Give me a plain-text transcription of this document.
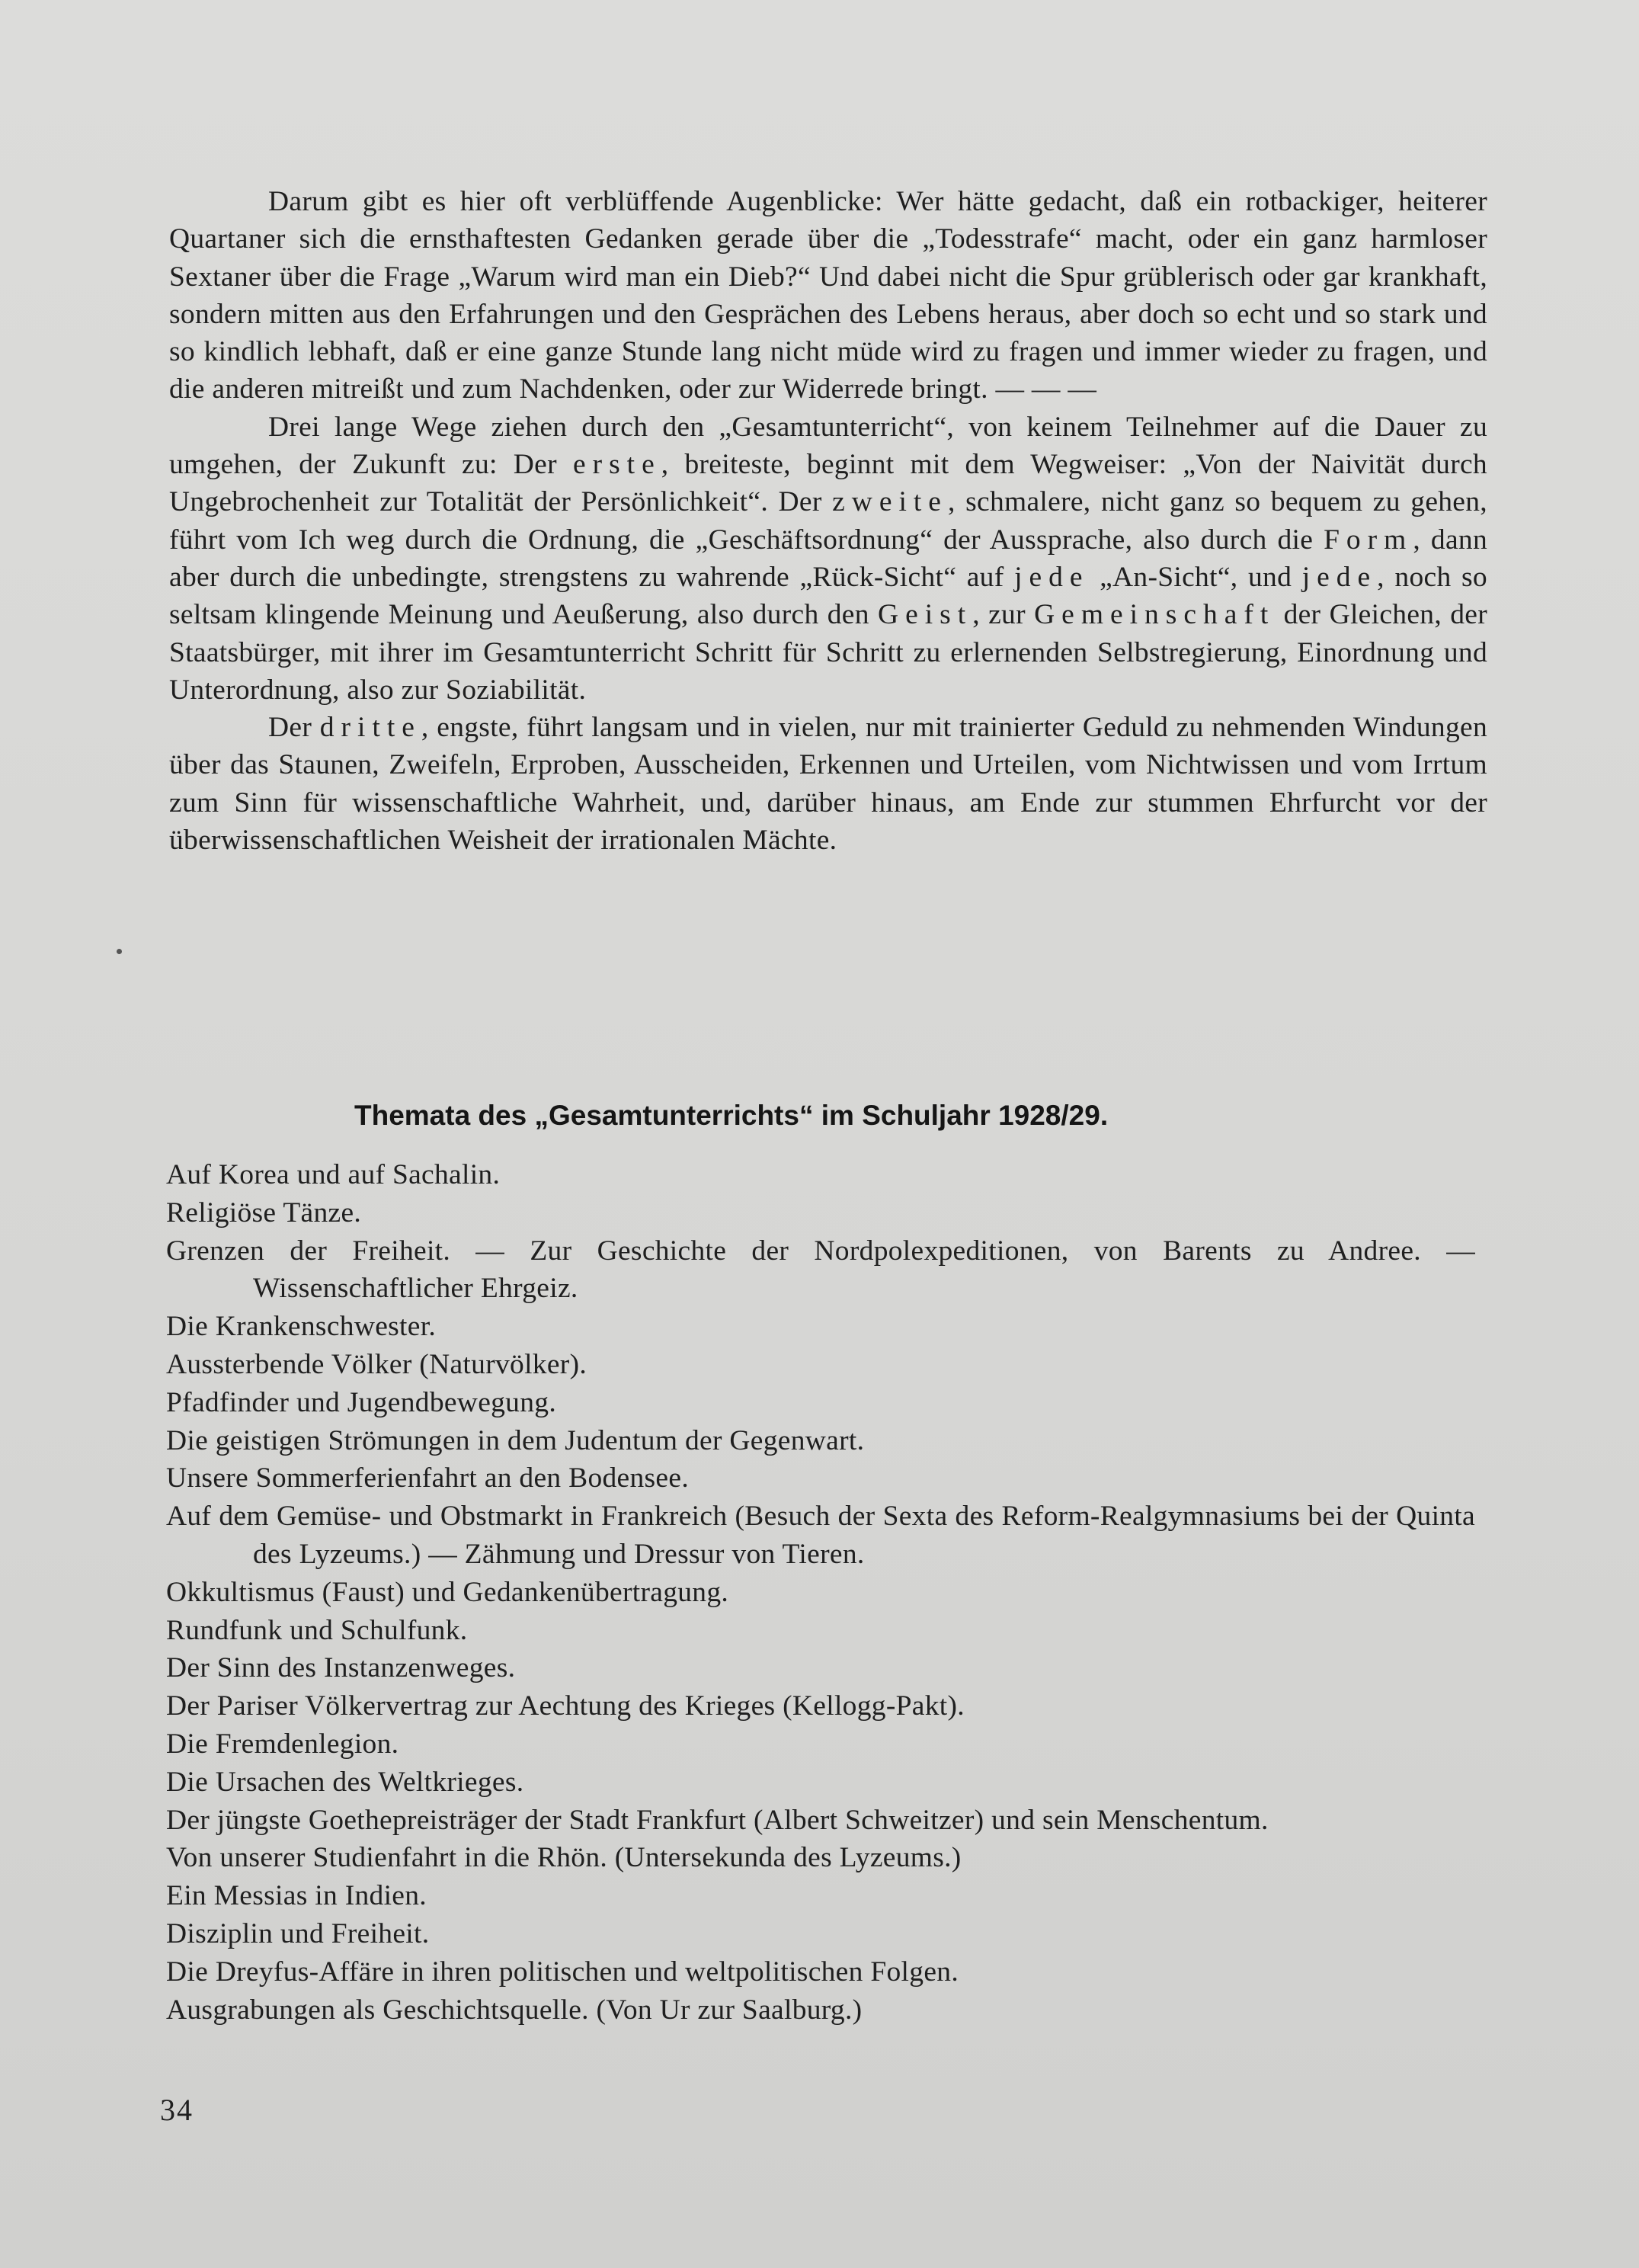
Darum gibt es hier oft verblüffende Augenblicke: Wer hätte gedacht, daß ein rotbackiger, heiterer Quartaner sich die ernsthaftesten Gedanken gerade über die „Todesstrafe“ macht, oder ein ganz harmloser Sextaner über die Frage „Warum wird man ein Dieb?“ Und dabei nicht die Spur grüblerisch oder gar krankhaft, sondern mitten aus den Erfahrungen und den Gesprächen des Lebens heraus, aber doch so echt und so stark und so kindlich lebhaft, daß er eine ganze Stunde lang nicht müde wird zu fragen und immer wieder zu fragen, und die anderen mitreißt und zum Nachdenken, oder zur Widerrede bringt. — — —

Drei lange Wege ziehen durch den „Gesamtunterricht“, von keinem Teilnehmer auf die Dauer zu umgehen, der Zukunft zu: Der erste, breiteste, beginnt mit dem Wegweiser: „Von der Naivität durch Ungebrochenheit zur Totalität der Persönlichkeit“. Der zweite, schmalere, nicht ganz so bequem zu gehen, führt vom Ich weg durch die Ordnung, die „Geschäftsordnung“ der Aussprache, also durch die Form, dann aber durch die unbedingte, strengstens zu wahrende „Rück-Sicht“ auf jede „An-Sicht“, und jede, noch so seltsam klingende Meinung und Aeußerung, also durch den Geist, zur Gemeinschaft der Gleichen, der Staatsbürger, mit ihrer im Gesamtunterricht Schritt für Schritt zu erlernenden Selbstregierung, Einordnung und Unterordnung, also zur Soziabilität.

Der dritte, engste, führt langsam und in vielen, nur mit trainierter Geduld zu nehmenden Windungen über das Staunen, Zweifeln, Erproben, Ausscheiden, Erkennen und Urteilen, vom Nichtwissen und vom Irrtum zum Sinn für wissenschaftliche Wahrheit, und, darüber hinaus, am Ende zur stummen Ehrfurcht vor der überwissenschaftlichen Weisheit der irrationalen Mächte.

Themata des „Gesamtunterrichts“ im Schuljahr 1928/29.
Auf Korea und auf Sachalin.
Religiöse Tänze.
Grenzen der Freiheit. — Zur Geschichte der Nordpolexpeditionen, von Barents zu Andree. — Wissenschaftlicher Ehrgeiz.
Die Krankenschwester.
Aussterbende Völker (Naturvölker).
Pfadfinder und Jugendbewegung.
Die geistigen Strömungen in dem Judentum der Gegenwart.
Unsere Sommerferienfahrt an den Bodensee.
Auf dem Gemüse- und Obstmarkt in Frankreich (Besuch der Sexta des Reform-Realgymnasiums bei der Quinta des Lyzeums.) — Zähmung und Dressur von Tieren.
Okkultismus (Faust) und Gedankenübertragung.
Rundfunk und Schulfunk.
Der Sinn des Instanzenweges.
Der Pariser Völkervertrag zur Aechtung des Krieges (Kellogg-Pakt).
Die Fremdenlegion.
Die Ursachen des Weltkrieges.
Der jüngste Goethepreisträger der Stadt Frankfurt (Albert Schweitzer) und sein Menschentum.
Von unserer Studienfahrt in die Rhön. (Untersekunda des Lyzeums.)
Ein Messias in Indien.
Disziplin und Freiheit.
Die Dreyfus-Affäre in ihren politischen und weltpolitischen Folgen.
Ausgrabungen als Geschichtsquelle. (Von Ur zur Saalburg.)
34
